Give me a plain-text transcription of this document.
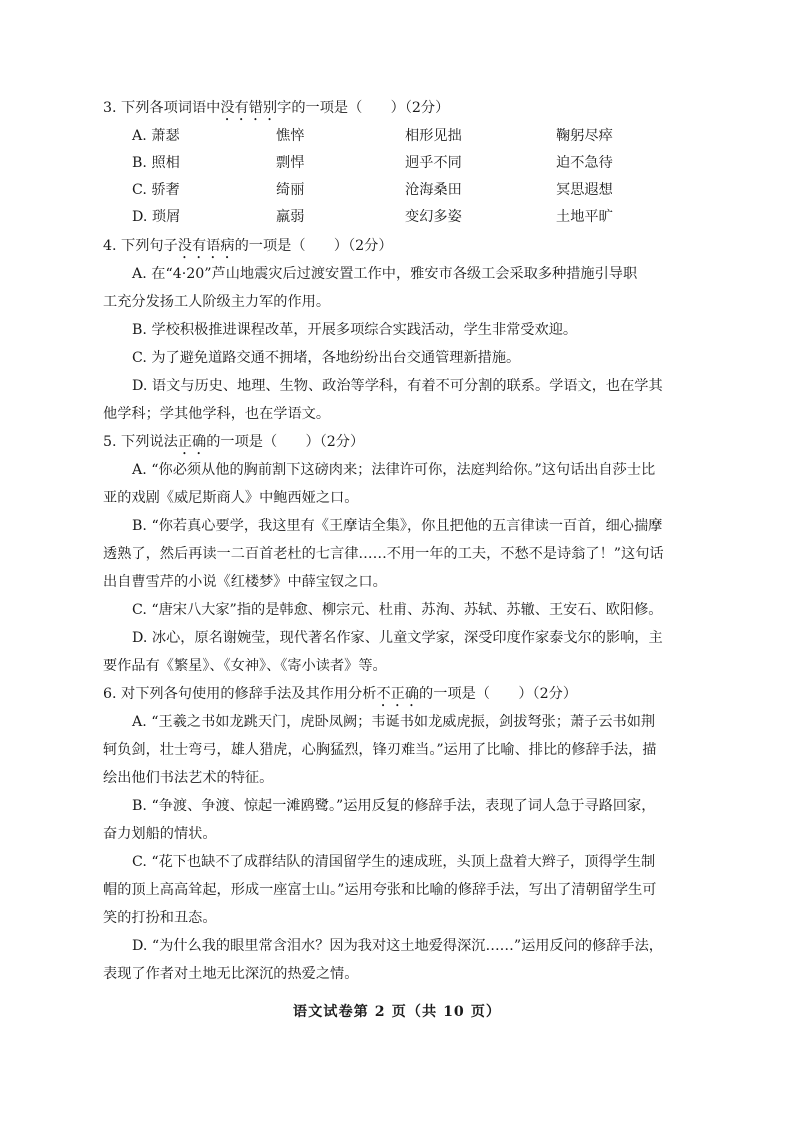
3. 下列各项词语中没有错别字的一项是（　　）（2分）
A. 萧瑟	憔悴	相形见拙	鞠躬尽瘁
B. 照相	剽悍	迥乎不同	迫不急待
C. 骄奢	绮丽	沧海桑田	冥思遐想
D. 琐屑	羸弱	变幻多姿	土地平旷
4. 下列句子没有语病的一项是（　　）（2分）
A. 在“4·20”芦山地震灾后过渡安置工作中，雅安市各级工会采取多种措施引导职
工充分发扬工人阶级主力军的作用。
B. 学校积极推进课程改革，开展多项综合实践活动，学生非常受欢迎。
C. 为了避免道路交通不拥堵，各地纷纷出台交通管理新措施。
D. 语文与历史、地理、生物、政治等学科，有着不可分割的联系。学语文，也在学其
他学科；学其他学科，也在学语文。
5. 下列说法正确的一项是（　　）（2分）
A. “你必须从他的胸前割下这磅肉来；法律许可你，法庭判给你。”这句话出自莎士比
亚的戏剧《威尼斯商人》中鲍西娅之口。
B. “你若真心要学，我这里有《王摩诘全集》，你且把他的五言律读一百首，细心揣摩
透熟了，然后再读一二百首老杜的七言律……不用一年的工夫，不愁不是诗翁了！”这句话
出自曹雪芹的小说《红楼梦》中薛宝钗之口。
C. “唐宋八大家”指的是韩愈、柳宗元、杜甫、苏洵、苏轼、苏辙、王安石、欧阳修。
D. 冰心，原名谢婉莹，现代著名作家、儿童文学家，深受印度作家泰戈尔的影响，主
要作品有《繁星》、《女神》、《寄小读者》等。
6. 对下列各句使用的修辞手法及其作用分析不正确的一项是（　　）（2分）
A. “王羲之书如龙跳天门，虎卧凤阙；韦诞书如龙威虎振，剑拔弩张；萧子云书如荆
轲负剑，壮士弯弓，雄人猎虎，心胸猛烈，锋刃难当。”运用了比喻、排比的修辞手法，描
绘出他们书法艺术的特征。
B. “争渡、争渡、惊起一滩鸥鹭。”运用反复的修辞手法，表现了词人急于寻路回家，
奋力划船的情状。
C. “花下也缺不了成群结队的清国留学生的速成班，头顶上盘着大辫子，顶得学生制
帽的顶上高高耸起，形成一座富士山。”运用夸张和比喻的修辞手法，写出了清朝留学生可
笑的打扮和丑态。
D. “为什么我的眼里常含泪水？因为我对这土地爱得深沉……”运用反问的修辞手法，
表现了作者对土地无比深沉的热爱之情。
语文试卷第 2 页（共 10 页）
